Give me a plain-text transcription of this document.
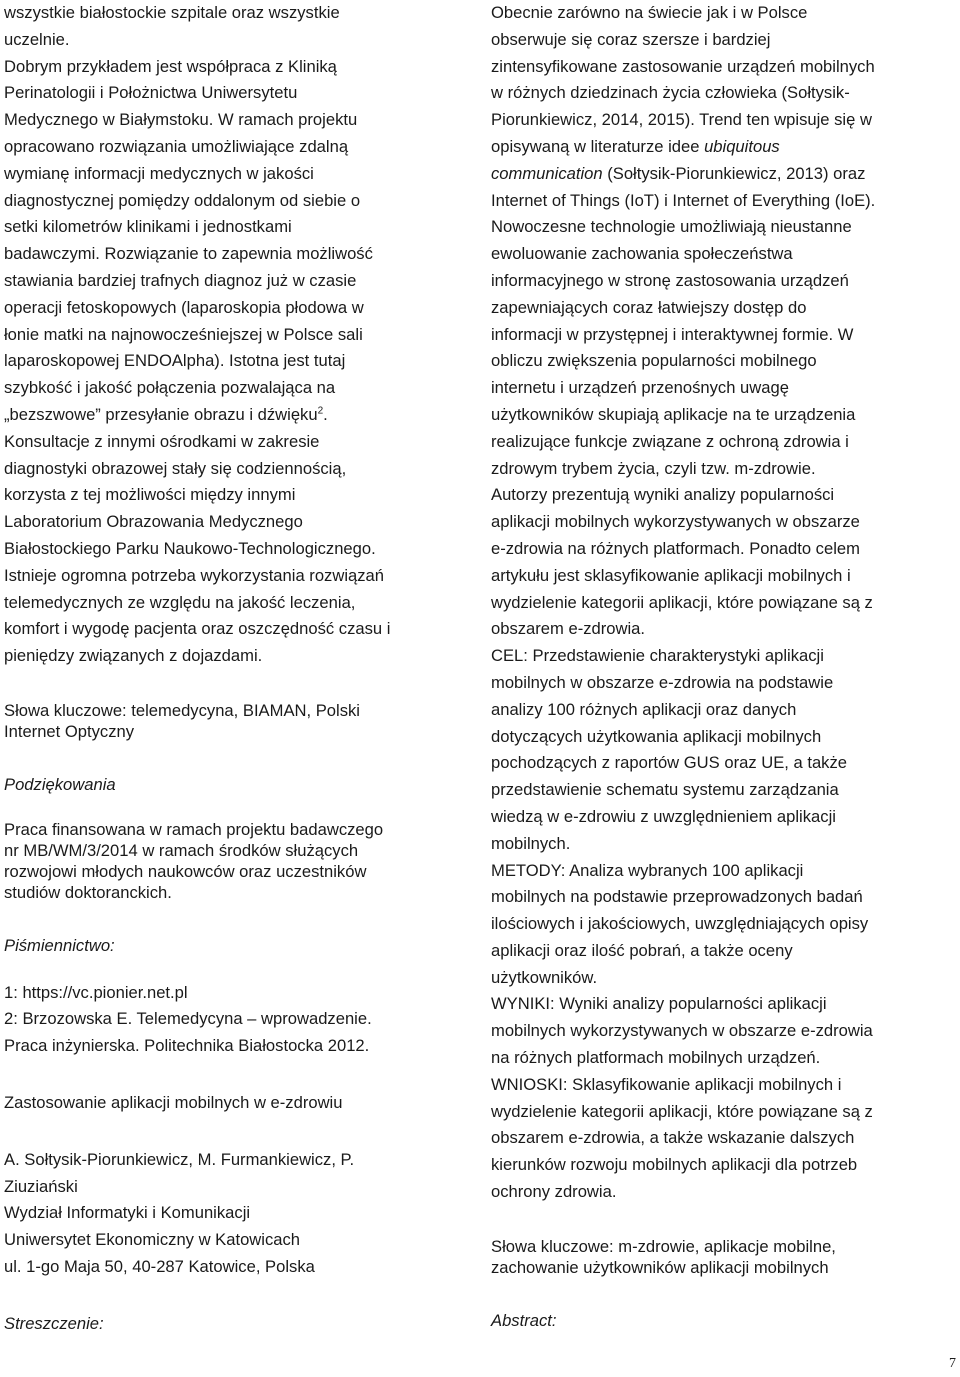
wszystkie białostockie szpitale oraz wszystkie
uczelnie.
Dobrym przykładem jest współpraca z Kliniką
Perinatologii i Położnictwa Uniwersytetu
Medycznego w Białymstoku. W ramach projektu
opracowano rozwiązania umożliwiające zdalną
wymianę informacji medycznych w jakości
diagnostycznej pomiędzy oddalonym od siebie o
setki kilometrów klinikami i jednostkami
badawczymi. Rozwiązanie to zapewnia możliwość
stawiania bardziej trafnych diagnoz już w czasie
operacji fetoskopowych (laparoskopia płodowa w
łonie matki na najnowocześniejszej w Polsce sali
laparoskopowej ENDOAlpha). Istotna jest tutaj
szybkość i jakość połączenia pozwalająca na
„bezszwowe” przesyłanie obrazu i dźwięku$^2$.
Konsultacje z innymi ośrodkami w zakresie
diagnostyki obrazowej stały się codziennością,
korzysta z tej możliwości między innymi
Laboratorium Obrazowania Medycznego
Białostockiego Parku Naukowo-Technologicznego.
Istnieje ogromna potrzeba wykorzystania rozwiązań
telemedycznych ze względu na jakość leczenia,
komfort i wygodę pacjenta oraz oszczędność czasu i
pieniędzy związanych z dojazdami.

Słowa kluczowe: telemedycyna, BIAMAN, Polski
Internet Optyczny

Podziękowania

Praca finansowana w ramach projektu badawczego
nr MB/WM/3/2014 w ramach środków służących
rozwojowi młodych naukowców oraz uczestników
studiów doktoranckich.

Piśmiennictwo:

1: https://vc.pionier.net.pl

2: Brzozowska E. Telemedycyna – wprowadzenie.

Praca inżynierska. Politechnika Białostocka 2012.

Zastosowanie aplikacji mobilnych w e-zdrowiu

A. Sołtysik-Piorunkiewicz, M. Furmankiewicz, P.
Ziuziański

Wydział Informatyki i Komunikacji
Uniwersytet Ekonomiczny w Katowicach
ul. 1-go Maja 50, 40-287 Katowice, Polska

Streszczenie:

Obecnie zarówno na świecie jak i w Polsce
obserwuje się coraz szersze i bardziej
zintensyfikowane zastosowanie urządzeń mobilnych
w różnych dziedzinach życia człowieka (Sołtysik-
Piorunkiewicz, 2014, 2015). Trend ten wpisuje się w
opisywaną w literaturze idee ubiquitous
communication (Sołtysik-Piorunkiewicz, 2013) oraz
Internet of Things (IoT) i Internet of Everything (IoE).
Nowoczesne technologie umożliwiają nieustanne
ewoluowanie zachowania społeczeństwa
informacyjnego w stronę zastosowania urządzeń
zapewniających coraz łatwiejszy dostęp do
informacji w przystępnej i interaktywnej formie. W
obliczu zwiększenia popularności mobilnego
internetu i urządzeń przenośnych uwagę
użytkowników skupiają aplikacje na te urządzenia
realizujące funkcje związane z ochroną zdrowia i
zdrowym trybem życia, czyli tzw. m-zdrowie.
Autorzy prezentują wyniki analizy popularności
aplikacji mobilnych wykorzystywanych w obszarze
e-zdrowia na różnych platformach. Ponadto celem
artykułu jest sklasyfikowanie aplikacji mobilnych i
wydzielenie kategorii aplikacji, które powiązane są z
obszarem e-zdrowia.
CEL: Przedstawienie charakterystyki aplikacji
mobilnych w obszarze e-zdrowia na podstawie
analizy 100 różnych aplikacji oraz danych
dotyczących użytkowania aplikacji mobilnych
pochodzących z raportów GUS oraz UE, a także
przedstawienie schematu systemu zarządzania
wiedzą w e-zdrowiu z uwzględnieniem aplikacji
mobilnych.
METODY: Analiza wybranych 100 aplikacji
mobilnych na podstawie przeprowadzonych badań
ilościowych i jakościowych, uwzględniających opisy
aplikacji oraz ilość pobrań, a także oceny
użytkowników.
WYNIKI: Wyniki analizy popularności aplikacji
mobilnych wykorzystywanych w obszarze e-zdrowia
na różnych platformach mobilnych urządzeń.
WNIOSKI: Sklasyfikowanie aplikacji mobilnych i
wydzielenie kategorii aplikacji, które powiązane są z
obszarem e-zdrowia, a także wskazanie dalszych
kierunków rozwoju mobilnych aplikacji dla potrzeb
ochrony zdrowia.

Słowa kluczowe: m-zdrowie, aplikacje mobilne,
zachowanie użytkowników aplikacji mobilnych

Abstract:

7
